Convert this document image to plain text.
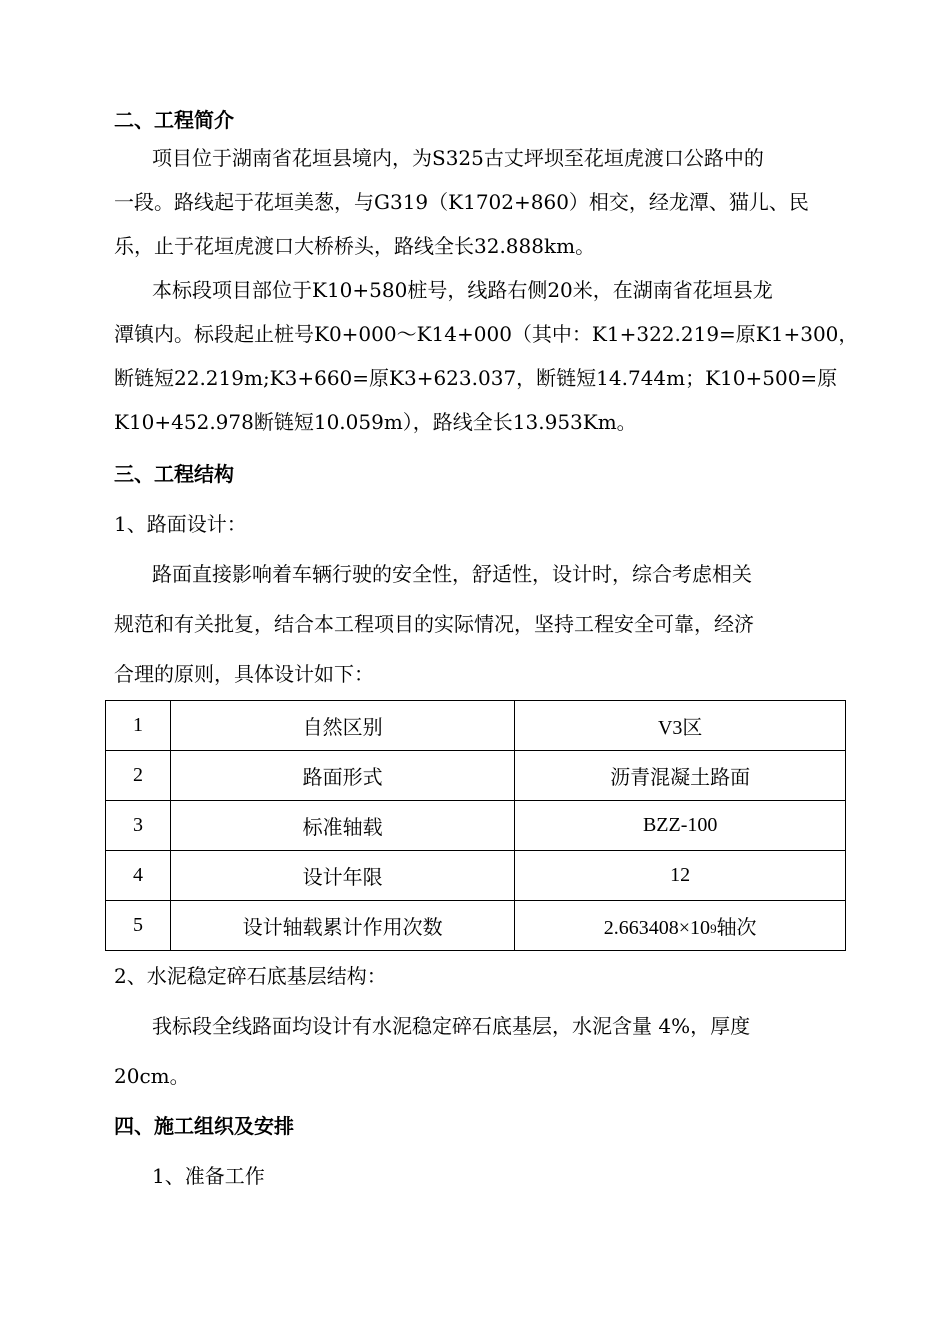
二、工程简介
项目位于湖南省花垣县境内，为S325古丈坪坝至花垣虎渡口公路中的
一段。路线起于花垣美葱，与G319（K1702+860）相交，经龙潭、猫儿、民
乐，止于花垣虎渡口大桥桥头，路线全长32.888km。
本标段项目部位于K10+580桩号，线路右侧20米，在湖南省花垣县龙
潭镇内。标段起止桩号K0+000～K14+000（其中：K1+322.219=原K1+300，
断链短22.219m;K3+660=原K3+623.037，断链短14.744m；K10+500=原
K10+452.978断链短10.059m），路线全长13.953Km。
三、工程结构
1、路面设计：
路面直接影响着车辆行驶的安全性，舒适性，设计时，综合考虑相关
规范和有关批复，结合本工程项目的实际情况，坚持工程安全可靠，经济
合理的原则，具体设计如下：
1	自然区别	V3区
2	路面形式	沥青混凝土路面
3	标准轴载	BZZ-100
4	设计年限	12
5	设计轴载累计作用次数	$2.663408\times 10^9$轴次
2、水泥稳定碎石底基层结构：
我标段全线路面均设计有水泥稳定碎石底基层，水泥含量 4%，厚度
20cm。
四、施工组织及安排
1、准备工作
